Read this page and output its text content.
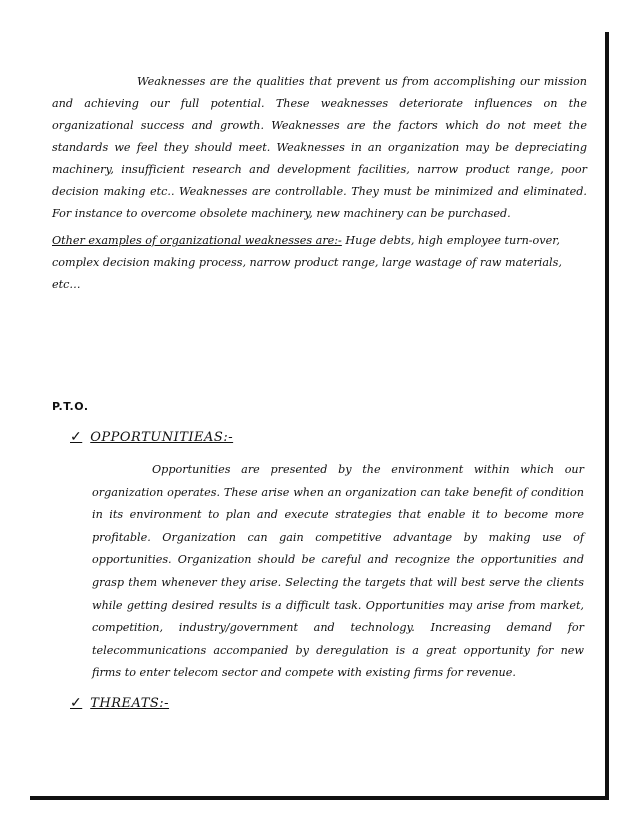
Weaknesses are the qualities that prevent us from accomplishing our mission and achieving our full potential. These weaknesses deteriorate influences on the organizational success and growth. Weaknesses are the factors which do not meet the standards we feel they should meet. Weaknesses in an organization may be depreciating machinery, insufficient research and development facilities, narrow product range, poor decision making etc.. Weaknesses are controllable. They must be minimized and eliminated. For instance to overcome obsolete machinery, new machinery can be purchased.

Other examples of organizational weaknesses are:- Huge debts, high employee turn-over, complex decision making process, narrow product range, large wastage of raw materials, etc…

P.T.O.
✓ OPPORTUNITIEAS:-

Opportunities are presented by the environment within which our organization operates. These arise when an organization can take benefit of condition in its environment to plan and execute strategies that enable it to become more profitable. Organization can gain competitive advantage by making use of opportunities. Organization should be careful and recognize the opportunities and grasp them whenever they arise. Selecting the targets that will best serve the clients while getting desired results is a difficult task. Opportunities may arise from market, competition, industry/government and technology. Increasing demand for telecommunications accompanied by deregulation is a great opportunity for new firms to enter telecom sector and compete with existing firms for revenue.

✓ THREATS:-
